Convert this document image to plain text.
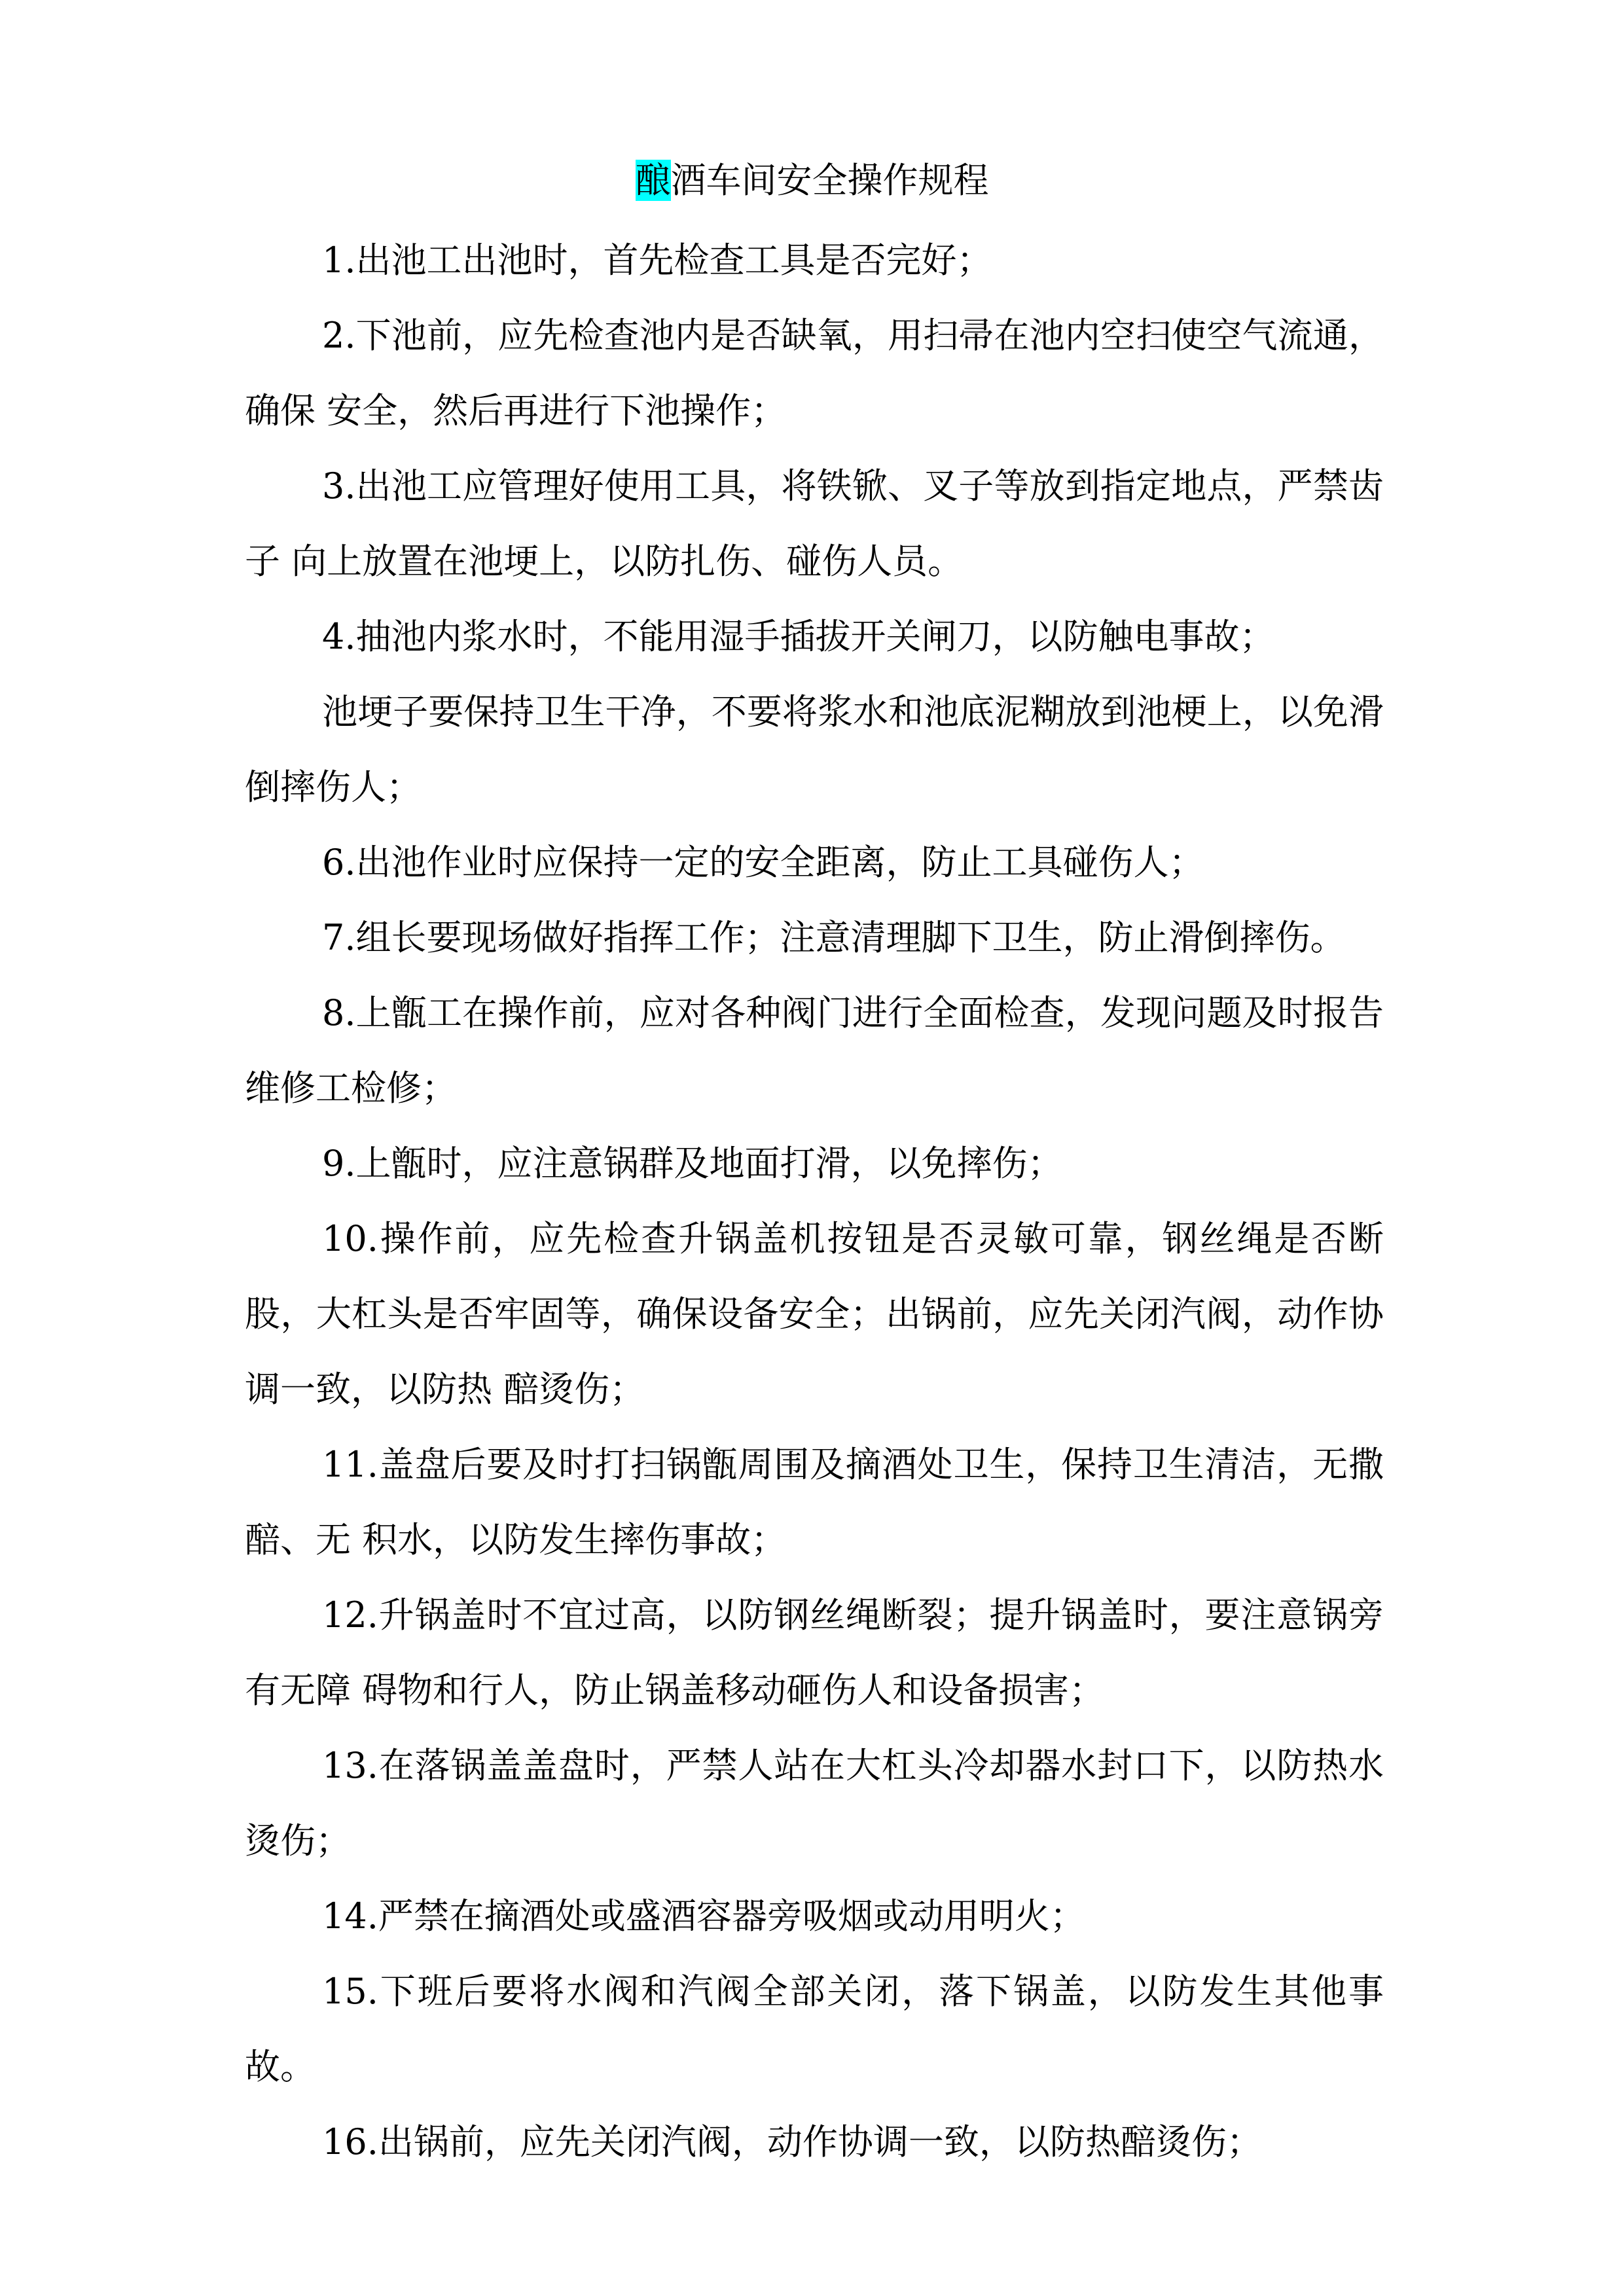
酿酒车间安全操作规程

1.出池工出池时，首先检查工具是否完好；

2.下池前，应先检查池内是否缺氧，用扫帚在池内空扫使空气流通，确保 安全，然后再进行下池操作；

3.出池工应管理好使用工具，将铁锨、叉子等放到指定地点，严禁齿子 向上放置在池埂上，以防扎伤、碰伤人员。

4.抽池内浆水时，不能用湿手插拔开关闸刀，以防触电事故；

池埂子要保持卫生干净，不要将浆水和池底泥糊放到池梗上，以免滑倒摔伤人；

6.出池作业时应保持一定的安全距离，防止工具碰伤人；

7.组长要现场做好指挥工作；注意清理脚下卫生，防止滑倒摔伤。

8.上甑工在操作前，应对各种阀门进行全面检查，发现问题及时报告维修工检修；

9.上甑时，应注意锅群及地面打滑，以免摔伤；

10.操作前，应先检查升锅盖机按钮是否灵敏可靠，钢丝绳是否断股，大杠头是否牢固等，确保设备安全；出锅前，应先关闭汽阀，动作协调一致，以防热 醅烫伤；

11.盖盘后要及时打扫锅甑周围及摘酒处卫生，保持卫生清洁，无撒醅、无 积水，以防发生摔伤事故；

12.升锅盖时不宜过高，以防钢丝绳断裂；提升锅盖时，要注意锅旁有无障 碍物和行人，防止锅盖移动砸伤人和设备损害；

13.在落锅盖盖盘时，严禁人站在大杠头冷却器水封口下，以防热水烫伤；

14.严禁在摘酒处或盛酒容器旁吸烟或动用明火；

15.下班后要将水阀和汽阀全部关闭，落下锅盖，以防发生其他事故。

16.出锅前，应先关闭汽阀，动作协调一致，以防热醅烫伤；
